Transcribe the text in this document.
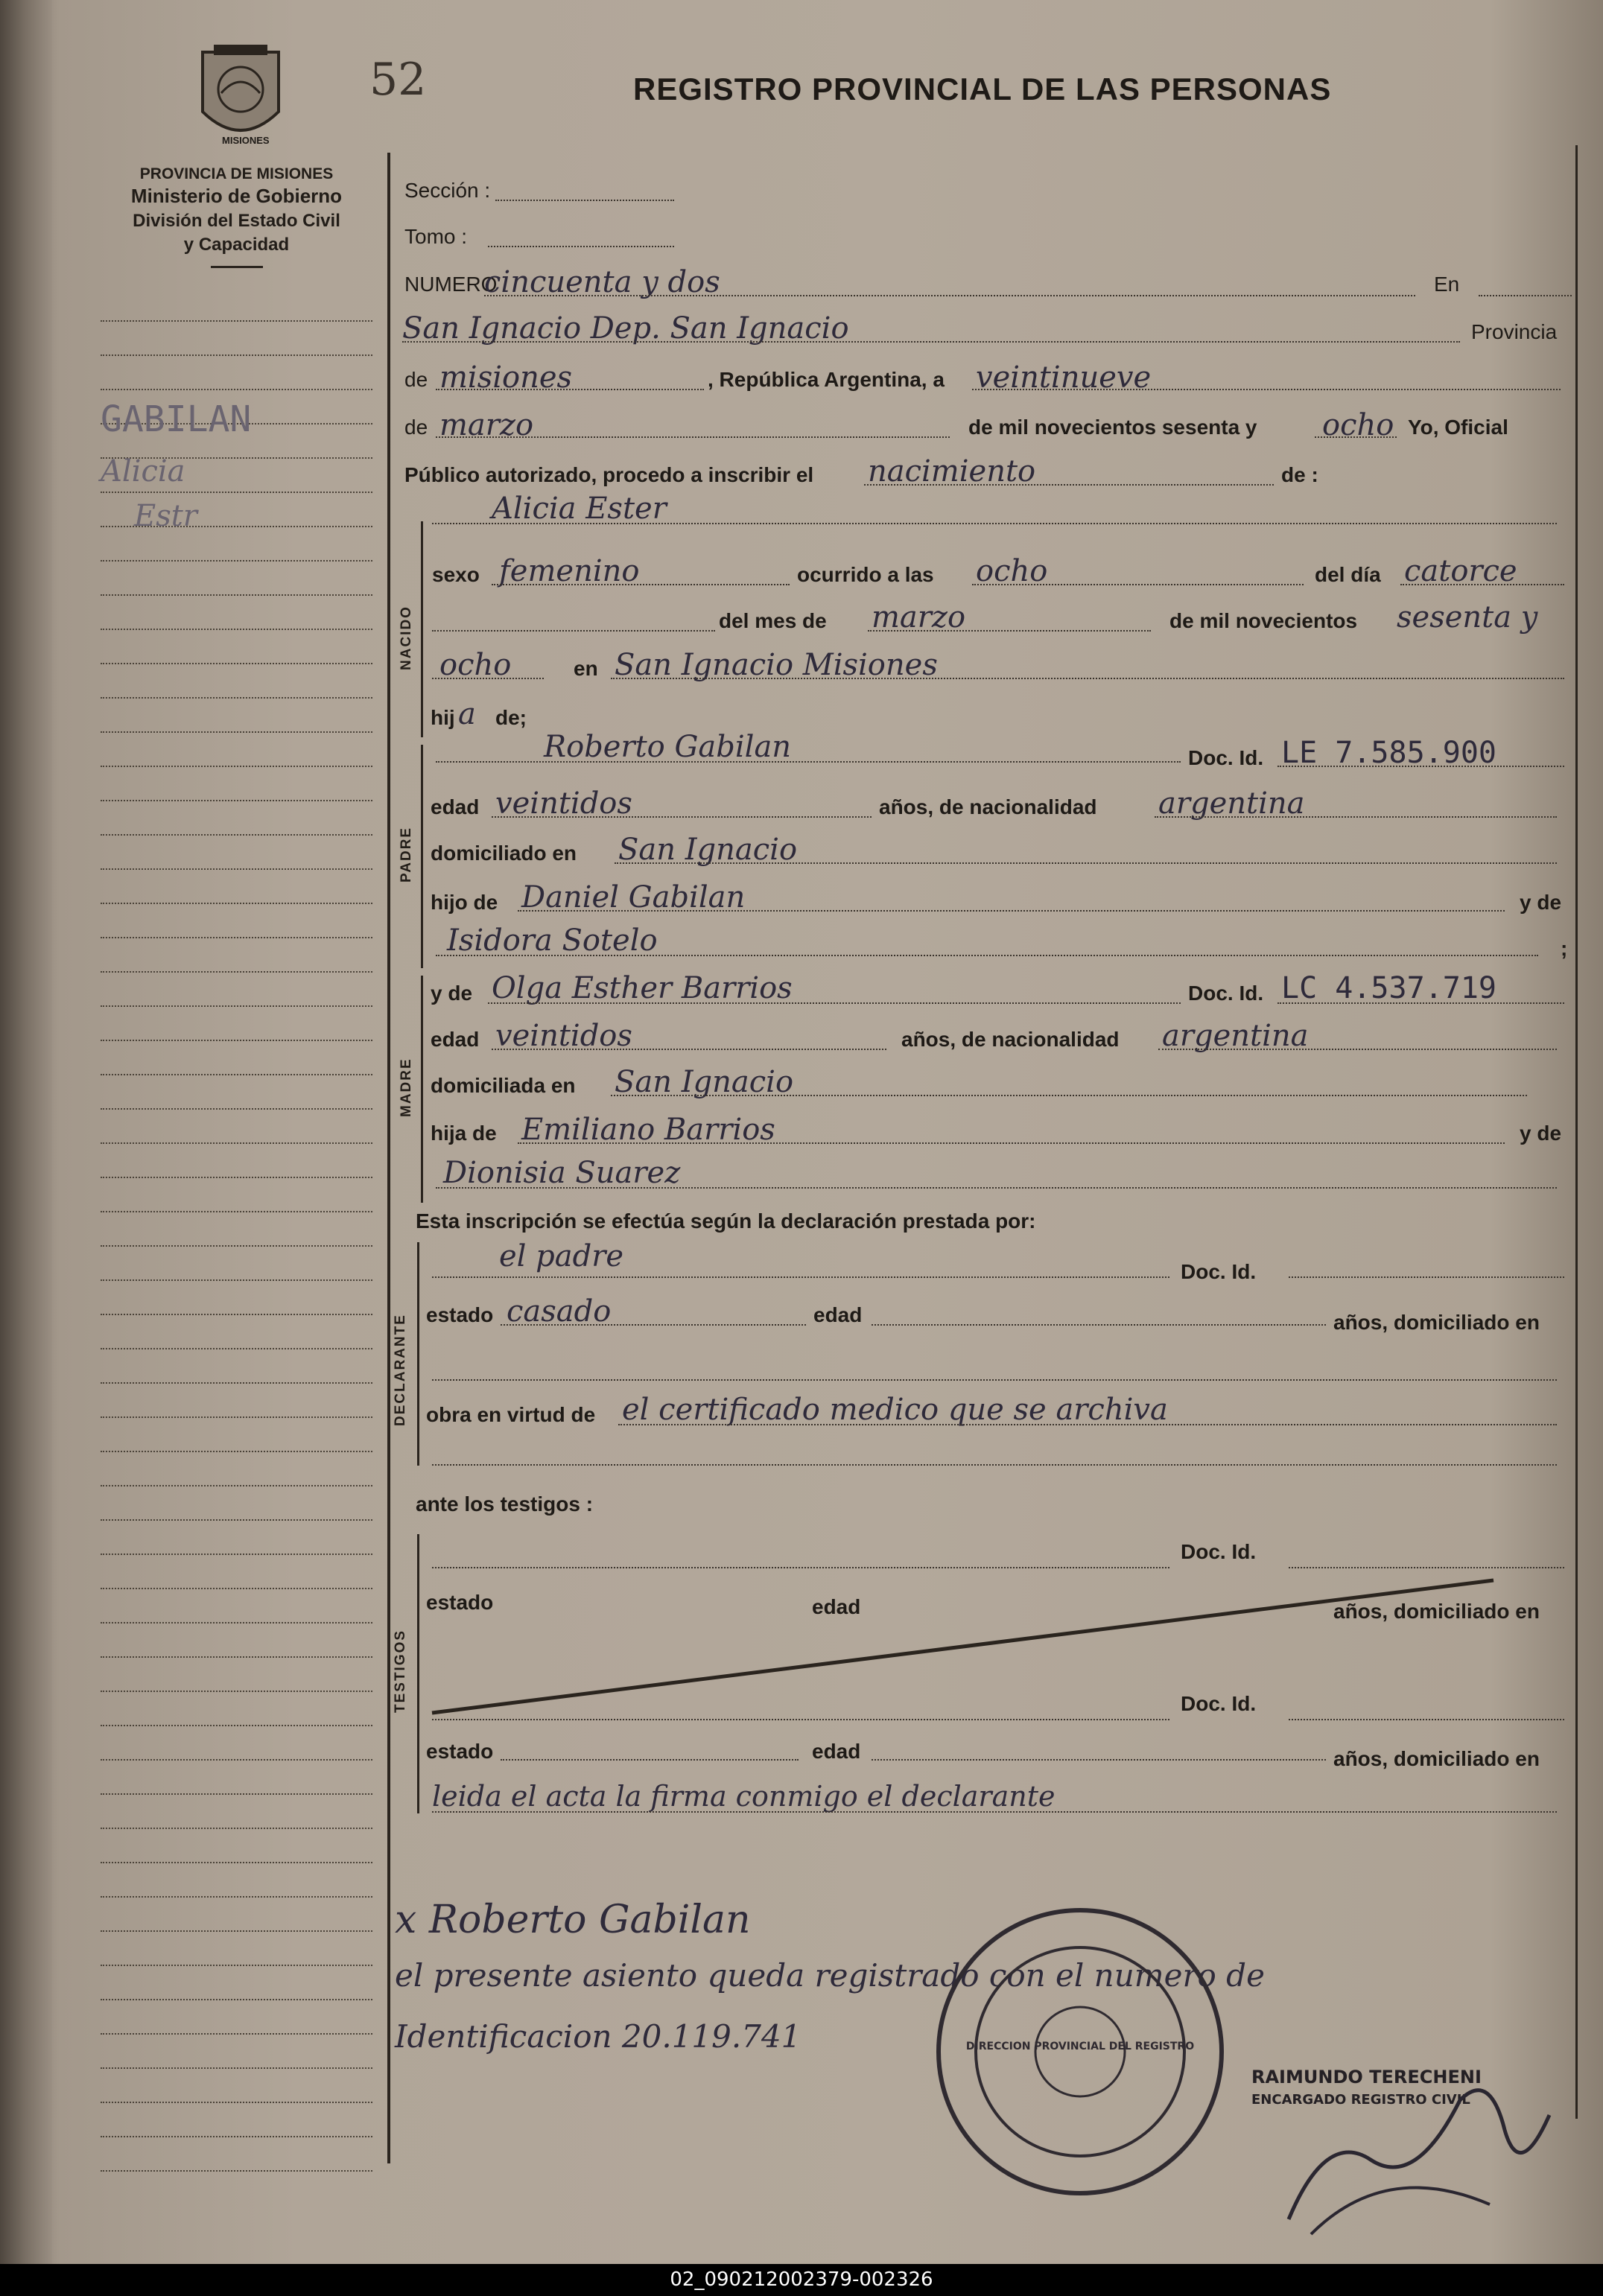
MISIONES
52	REGISTRO PROVINCIAL DE LAS PERSONAS
PROVINCIA DE MISIONES
Ministerio de Gobierno
División del Estado Civil
y Capacidad
GABILAN
Alicia
Estr
Sección :
Tomo :
NUMERO
cincuenta y dos	En
San Ignacio Dep. San Ignacio	Provincia
de misiones	, República Argentina, a veintinueve
de marzo	de mil novecientos sesenta y ocho Yo, Oficial
Público autorizado, procedo a inscribir el nacimiento	de :
NACIDO
Alicia Ester
sexo femenino	ocurrido a las ocho	del día catorce
del mes de marzo	de mil novecientos sesenta y
ocho	en San Ignacio Misiones
hij a de;
PADRE
Roberto Gabilan	Doc. Id. LE 7.585.900
edad veintidos	años, de nacionalidad argentina
domiciliado en San Ignacio
hijo de Daniel Gabilan	y de
Isidora Sotelo	;
MADRE
y de Olga Esther Barrios	Doc. Id. LC 4.537.719
edad veintidos	años, de nacionalidad argentina
domiciliada en San Ignacio
hija de Emiliano Barrios	y de
Dionisia Suarez
Esta inscripción se efectúa según la declaración prestada por:
DECLARANTE
el padre	Doc. Id.
estado casado	edad	años, domiciliado en
obra en virtud de el certificado medico que se archiva
ante los testigos :
TESTIGOS
Doc. Id.
estado	edad	años, domiciliado en
Doc. Id.
estado	edad	años, domiciliado en
leida el acta la firma conmigo el declarante
x Roberto Gabilan
el presente asiento queda registrado con el numero de
Identificacion 20.119.741	DIRECCION PROVINCIAL DEL REGISTRO
RAIMUNDO TERECHENI
ENCARGADO REGISTRO CIVIL
02_090212002379-002326
